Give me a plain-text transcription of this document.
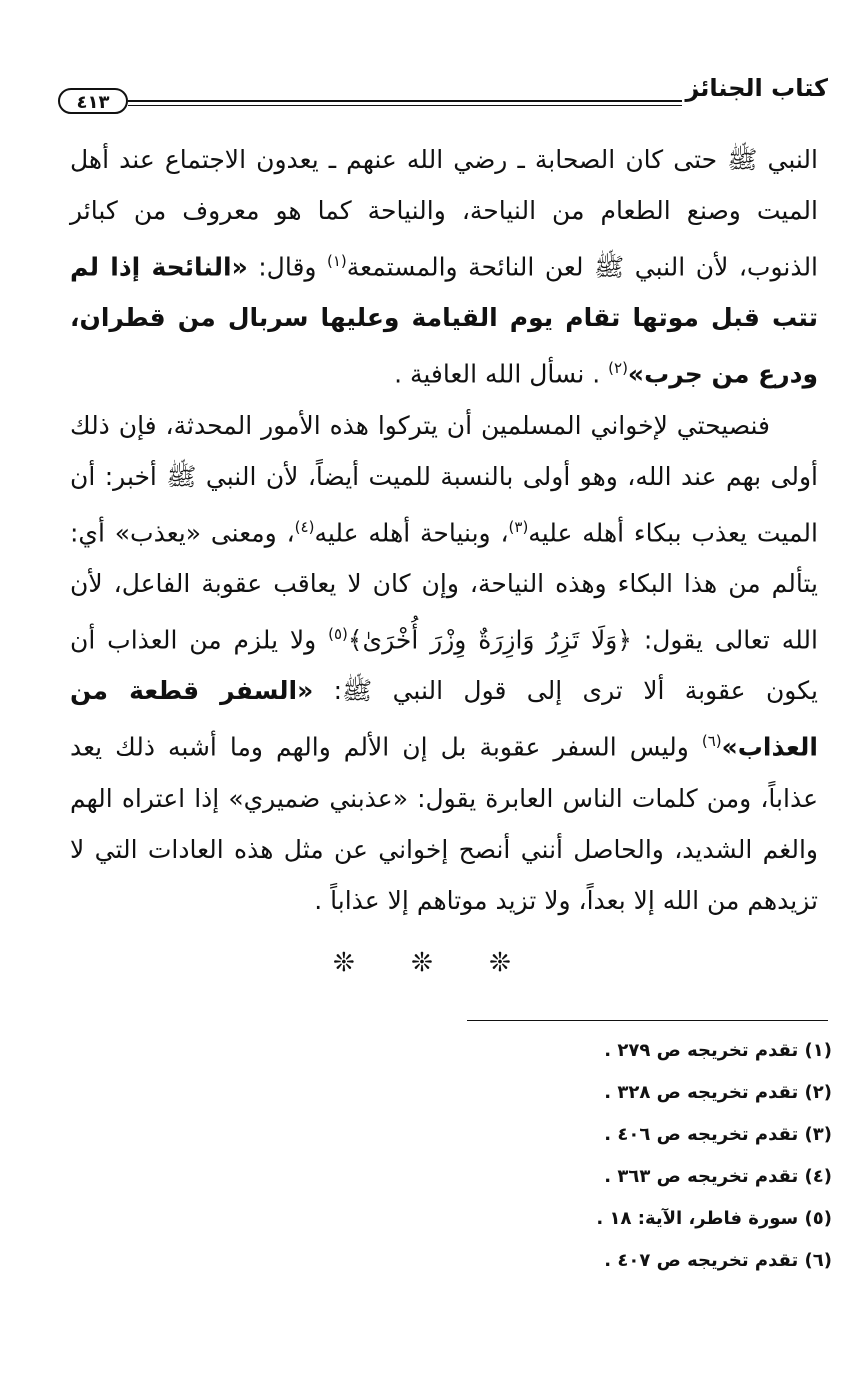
كتاب الجنائز
٤١٣

النبي ﷺ حتى كان الصحابة ـ رضي الله عنهم ـ يعدون الاجتماع عند أهل الميت وصنع الطعام من النياحة، والنياحة كما هو معروف من كبائر الذنوب، لأن النبي ﷺ لعن النائحة والمستمعة$^{(١)}$ وقال: «النائحة إذا لم تتب قبل موتها تقام يوم القيامة وعليها سربال من قطران، ودرع من جرب»$^{(٢)}$ . نسأل الله العافية .

فنصيحتي لإخواني المسلمين أن يتركوا هذه الأمور المحدثة، فإن ذلك أولى بهم عند الله، وهو أولى بالنسبة للميت أيضاً، لأن النبي ﷺ أخبر: أن الميت يعذب ببكاء أهله عليه$^{(٣)}$، وبنياحة أهله عليه$^{(٤)}$، ومعنى «يعذب» أي: يتألم من هذا البكاء وهذه النياحة، وإن كان لا يعاقب عقوبة الفاعل، لأن الله تعالى يقول: ﴿وَلَا تَزِرُ وَازِرَةٌ وِزْرَ أُخْرَىٰ﴾$^{(٥)}$ ولا يلزم من العذاب أن يكون عقوبة ألا ترى إلى قول النبي ﷺ: «السفر قطعة من العذاب»$^{(٦)}$ وليس السفر عقوبة بل إن الألم والهم وما أشبه ذلك يعد عذاباً، ومن كلمات الناس العابرة يقول: «عذبني ضميري» إذا اعتراه الهم والغم الشديد، والحاصل أنني أنصح إخواني عن مثل هذه العادات التي لا تزيدهم من الله إلا بعداً، ولا تزيد موتاهم إلا عذاباً .

❊ ❊ ❊
(١) تقدم تخريجه ص ٢٧٩ .
(٢) تقدم تخريجه ص ٣٢٨ .
(٣) تقدم تخريجه ص ٤٠٦ .
(٤) تقدم تخريجه ص ٣٦٣ .
(٥) سورة فاطر، الآية: ١٨ .
(٦) تقدم تخريجه ص ٤٠٧ .
